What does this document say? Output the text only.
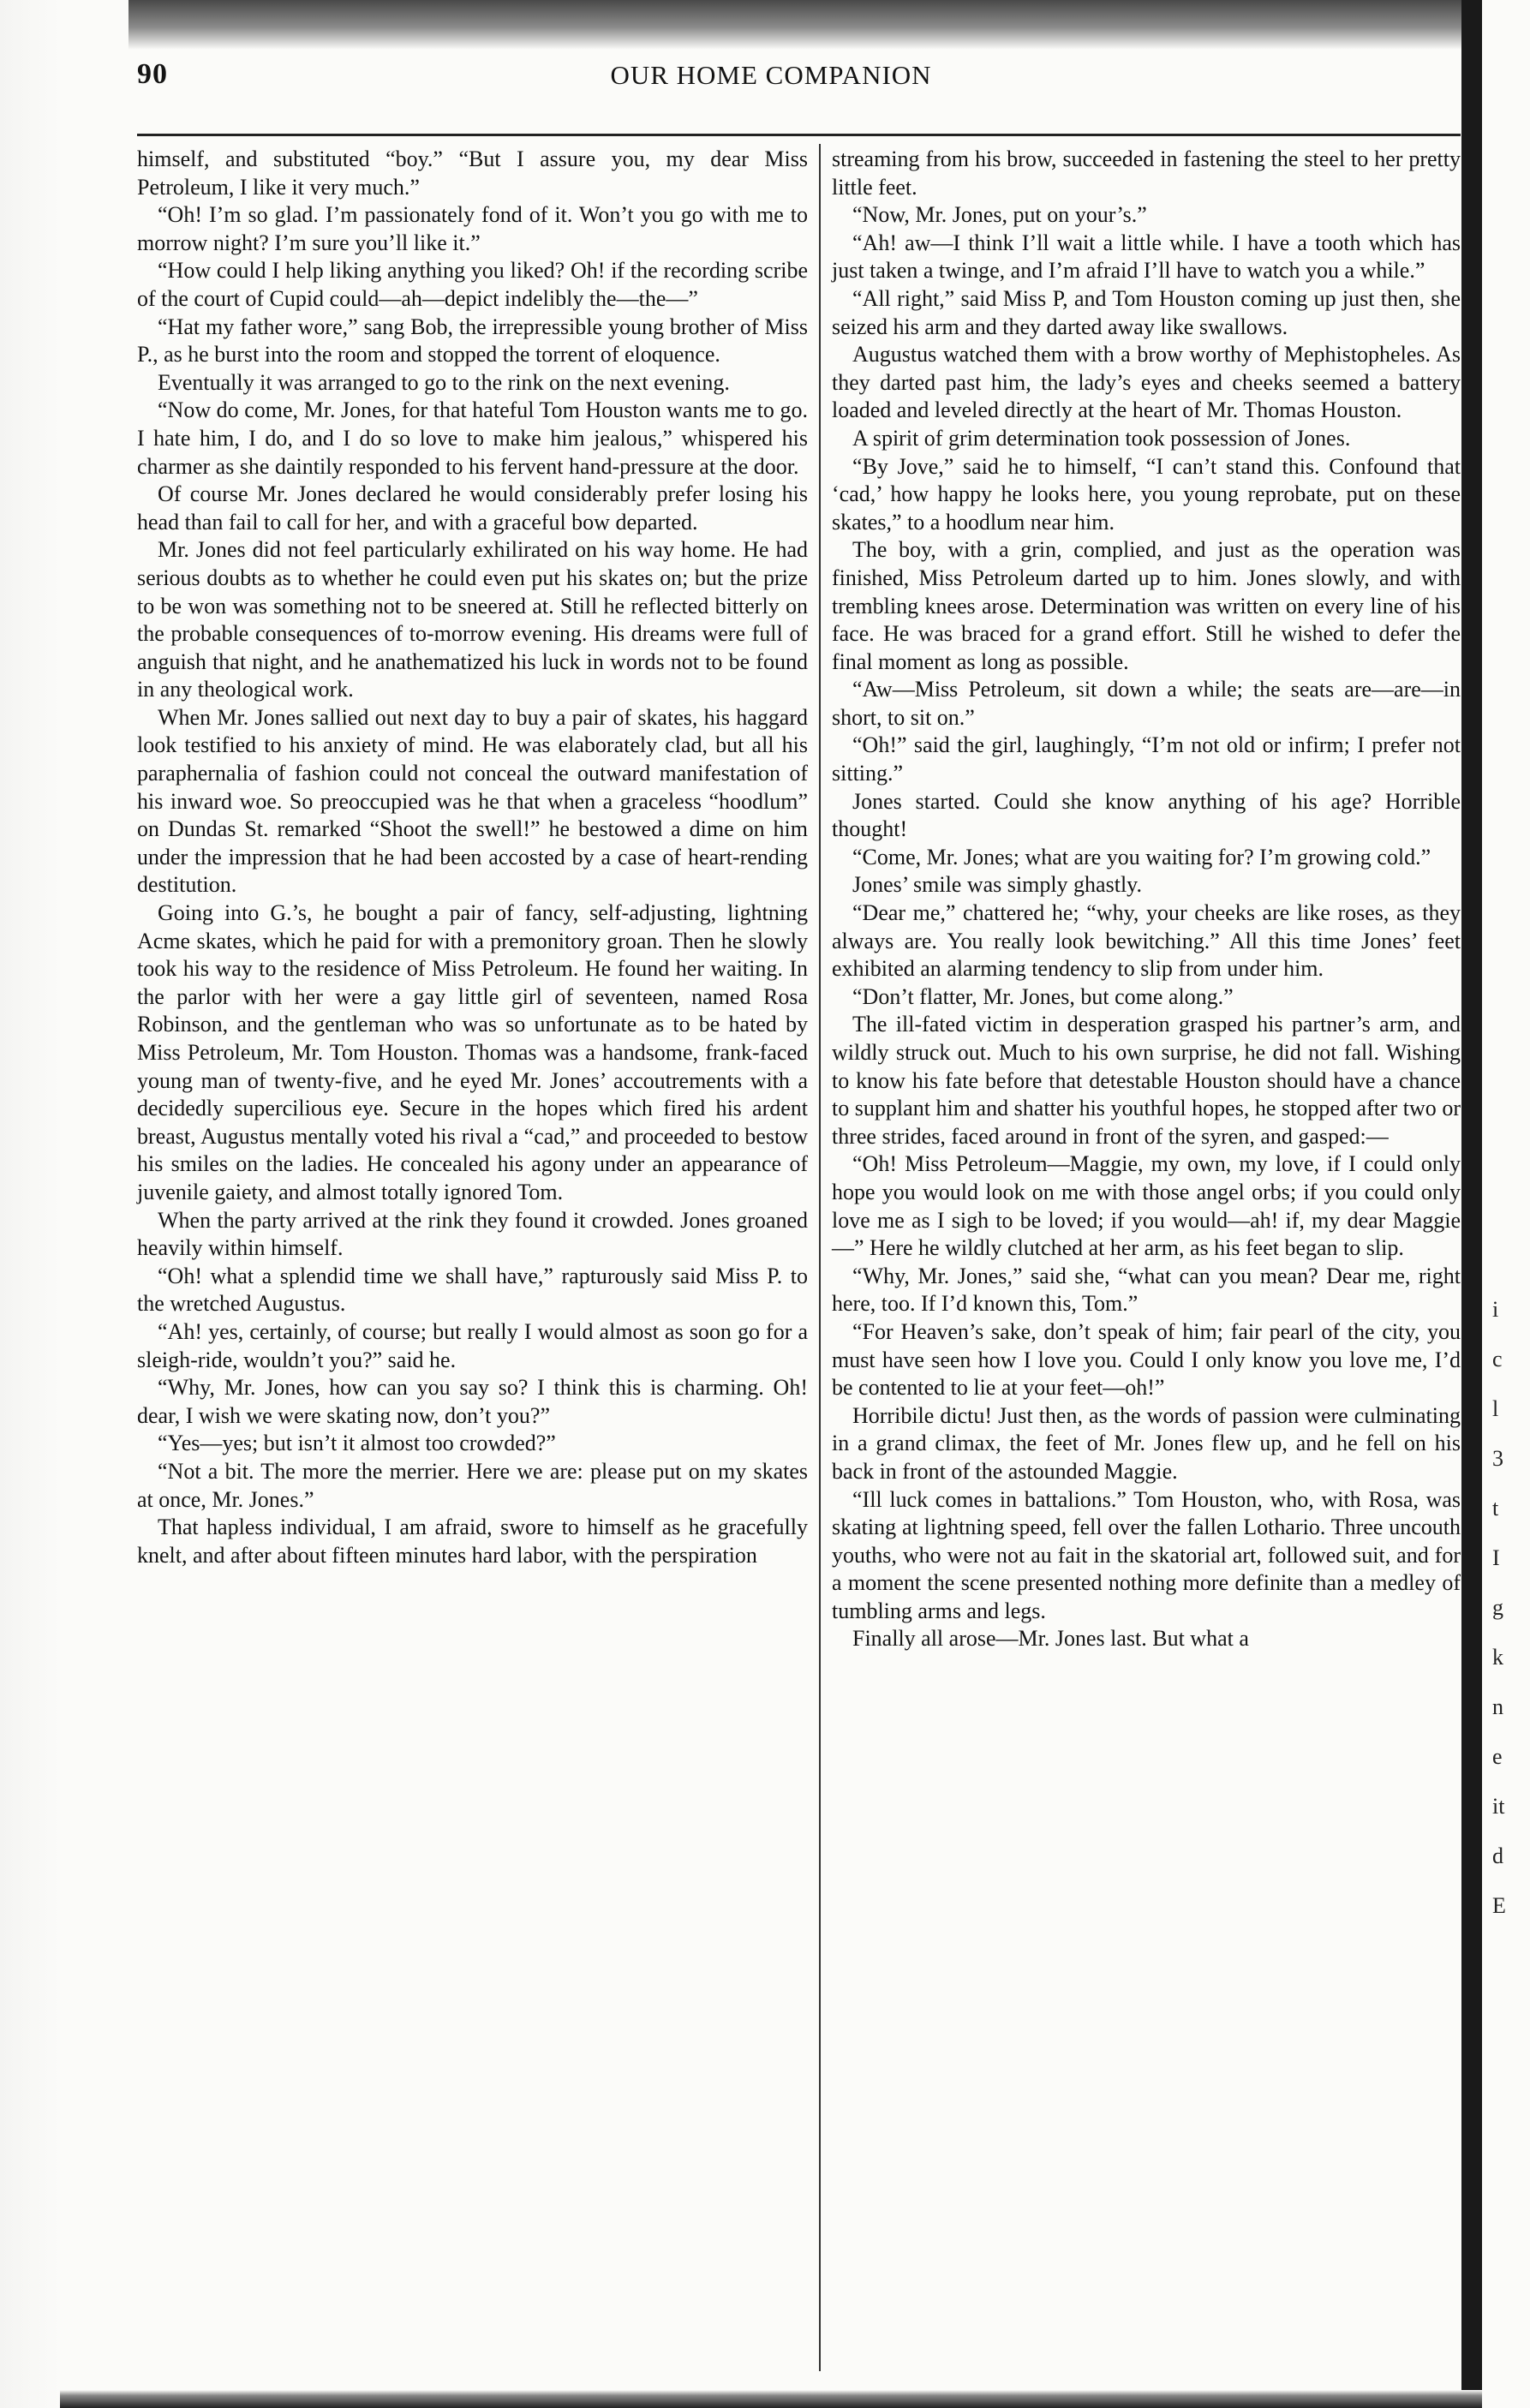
90	OUR HOME COMPANION

himself, and substituted “boy.” “But I assure you, my dear Miss Petroleum, I like it very much.”

“Oh! I’m so glad. I’m passionately fond of it. Won’t you go with me to morrow night? I’m sure you’ll like it.”

“How could I help liking anything you liked? Oh! if the recording scribe of the court of Cupid could—ah—depict indelibly the—the—”

“Hat my father wore,” sang Bob, the irrepressible young brother of Miss P., as he burst into the room and stopped the torrent of eloquence.

Eventually it was arranged to go to the rink on the next evening.

“Now do come, Mr. Jones, for that hateful Tom Houston wants me to go. I hate him, I do, and I do so love to make him jealous,” whispered his charmer as she daintily responded to his fervent hand-pressure at the door.

Of course Mr. Jones declared he would considerably prefer losing his head than fail to call for her, and with a graceful bow departed.

Mr. Jones did not feel particularly exhilirated on his way home. He had serious doubts as to whether he could even put his skates on; but the prize to be won was something not to be sneered at. Still he reflected bitterly on the probable consequences of to-morrow evening. His dreams were full of anguish that night, and he anathematized his luck in words not to be found in any theological work.

When Mr. Jones sallied out next day to buy a pair of skates, his haggard look testified to his anxiety of mind. He was elaborately clad, but all his paraphernalia of fashion could not conceal the outward manifestation of his inward woe. So preoccupied was he that when a graceless “hoodlum” on Dundas St. remarked “Shoot the swell!” he bestowed a dime on him under the impression that he had been accosted by a case of heart-rending destitution.

Going into G.’s, he bought a pair of fancy, self-adjusting, lightning Acme skates, which he paid for with a premonitory groan. Then he slowly took his way to the residence of Miss Petroleum. He found her waiting. In the parlor with her were a gay little girl of seventeen, named Rosa Robinson, and the gentleman who was so unfortunate as to be hated by Miss Petroleum, Mr. Tom Houston. Thomas was a handsome, frank-faced young man of twenty-five, and he eyed Mr. Jones’ accoutrements with a decidedly supercilious eye. Secure in the hopes which fired his ardent breast, Augustus mentally voted his rival a “cad,” and proceeded to bestow his smiles on the ladies. He concealed his agony under an appearance of juvenile gaiety, and almost totally ignored Tom.

When the party arrived at the rink they found it crowded. Jones groaned heavily within himself.

“Oh! what a splendid time we shall have,” rapturously said Miss P. to the wretched Augustus.

“Ah! yes, certainly, of course; but really I would almost as soon go for a sleigh-ride, wouldn’t you?” said he.

“Why, Mr. Jones, how can you say so? I think this is charming. Oh! dear, I wish we were skating now, don’t you?”

“Yes—yes; but isn’t it almost too crowded?”

“Not a bit. The more the merrier. Here we are: please put on my skates at once, Mr. Jones.”

That hapless individual, I am afraid, swore to himself as he gracefully knelt, and after about fifteen minutes hard labor, with the perspiration

streaming from his brow, succeeded in fastening the steel to her pretty little feet.

“Now, Mr. Jones, put on your’s.”

“Ah! aw—I think I’ll wait a little while. I have a tooth which has just taken a twinge, and I’m afraid I’ll have to watch you a while.”

“All right,” said Miss P, and Tom Houston coming up just then, she seized his arm and they darted away like swallows.

Augustus watched them with a brow worthy of Mephistopheles. As they darted past him, the lady’s eyes and cheeks seemed a battery loaded and leveled directly at the heart of Mr. Thomas Houston.

A spirit of grim determination took possession of Jones.

“By Jove,” said he to himself, “I can’t stand this. Confound that ‘cad,’ how happy he looks here, you young reprobate, put on these skates,” to a hoodlum near him.

The boy, with a grin, complied, and just as the operation was finished, Miss Petroleum darted up to him. Jones slowly, and with trembling knees arose. Determination was written on every line of his face. He was braced for a grand effort. Still he wished to defer the final moment as long as possible.

“Aw—Miss Petroleum, sit down a while; the seats are—are—in short, to sit on.”

“Oh!” said the girl, laughingly, “I’m not old or infirm; I prefer not sitting.”

Jones started. Could she know anything of his age? Horrible thought!

“Come, Mr. Jones; what are you waiting for? I’m growing cold.”

Jones’ smile was simply ghastly.

“Dear me,” chattered he; “why, your cheeks are like roses, as they always are. You really look bewitching.” All this time Jones’ feet exhibited an alarming tendency to slip from under him.

“Don’t flatter, Mr. Jones, but come along.”

The ill-fated victim in desperation grasped his partner’s arm, and wildly struck out. Much to his own surprise, he did not fall. Wishing to know his fate before that detestable Houston should have a chance to supplant him and shatter his youthful hopes, he stopped after two or three strides, faced around in front of the syren, and gasped:—

“Oh! Miss Petroleum—Maggie, my own, my love, if I could only hope you would look on me with those angel orbs; if you could only love me as I sigh to be loved; if you would—ah! if, my dear Maggie—” Here he wildly clutched at her arm, as his feet began to slip.

“Why, Mr. Jones,” said she, “what can you mean? Dear me, right here, too. If I’d known this, Tom.”

“For Heaven’s sake, don’t speak of him; fair pearl of the city, you must have seen how I love you. Could I only know you love me, I’d be contented to lie at your feet—oh!”

Horribile dictu! Just then, as the words of passion were culminating in a grand climax, the feet of Mr. Jones flew up, and he fell on his back in front of the astounded Maggie.

“Ill luck comes in battalions.” Tom Houston, who, with Rosa, was skating at lightning speed, fell over the fallen Lothario. Three uncouth youths, who were not au fait in the skatorial art, followed suit, and for a moment the scene presented nothing more definite than a medley of tumbling arms and legs.

Finally all arose—Mr. Jones last. But what a

i
c
l
3
t
I
g
k
n
e
it
d
E
